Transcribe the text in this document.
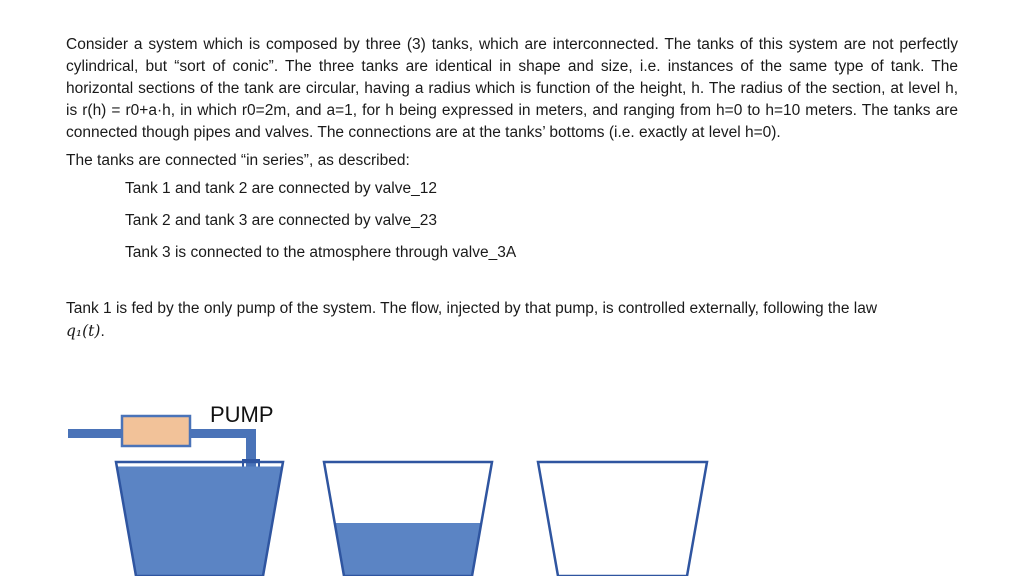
Consider a system which is composed by three (3) tanks, which are interconnected. The tanks of this system are not perfectly cylindrical, but “sort of conic”. The three tanks are identical in shape and size, i.e. instances of the same type of tank. The horizontal sections of the tank are circular, having a radius which is function of the height, h. The radius of the section, at level h, is r(h) = r0+a·h, in which r0=2m, and a=1, for h being expressed in meters, and ranging from h=0 to h=10 meters. The tanks are connected though pipes and valves. The connections are at the tanks’ bottoms (i.e. exactly at level h=0).

The tanks are connected “in series”, as described:

Tank 1 and tank 2 are connected by valve_12
Tank 2 and tank 3 are connected by valve_23
Tank 3 is connected to the atmosphere through valve_3A

Tank 1 is fed by the only pump of the system. The flow, injected by that pump, is controlled externally, following the law
q₁(t).

PUMP
